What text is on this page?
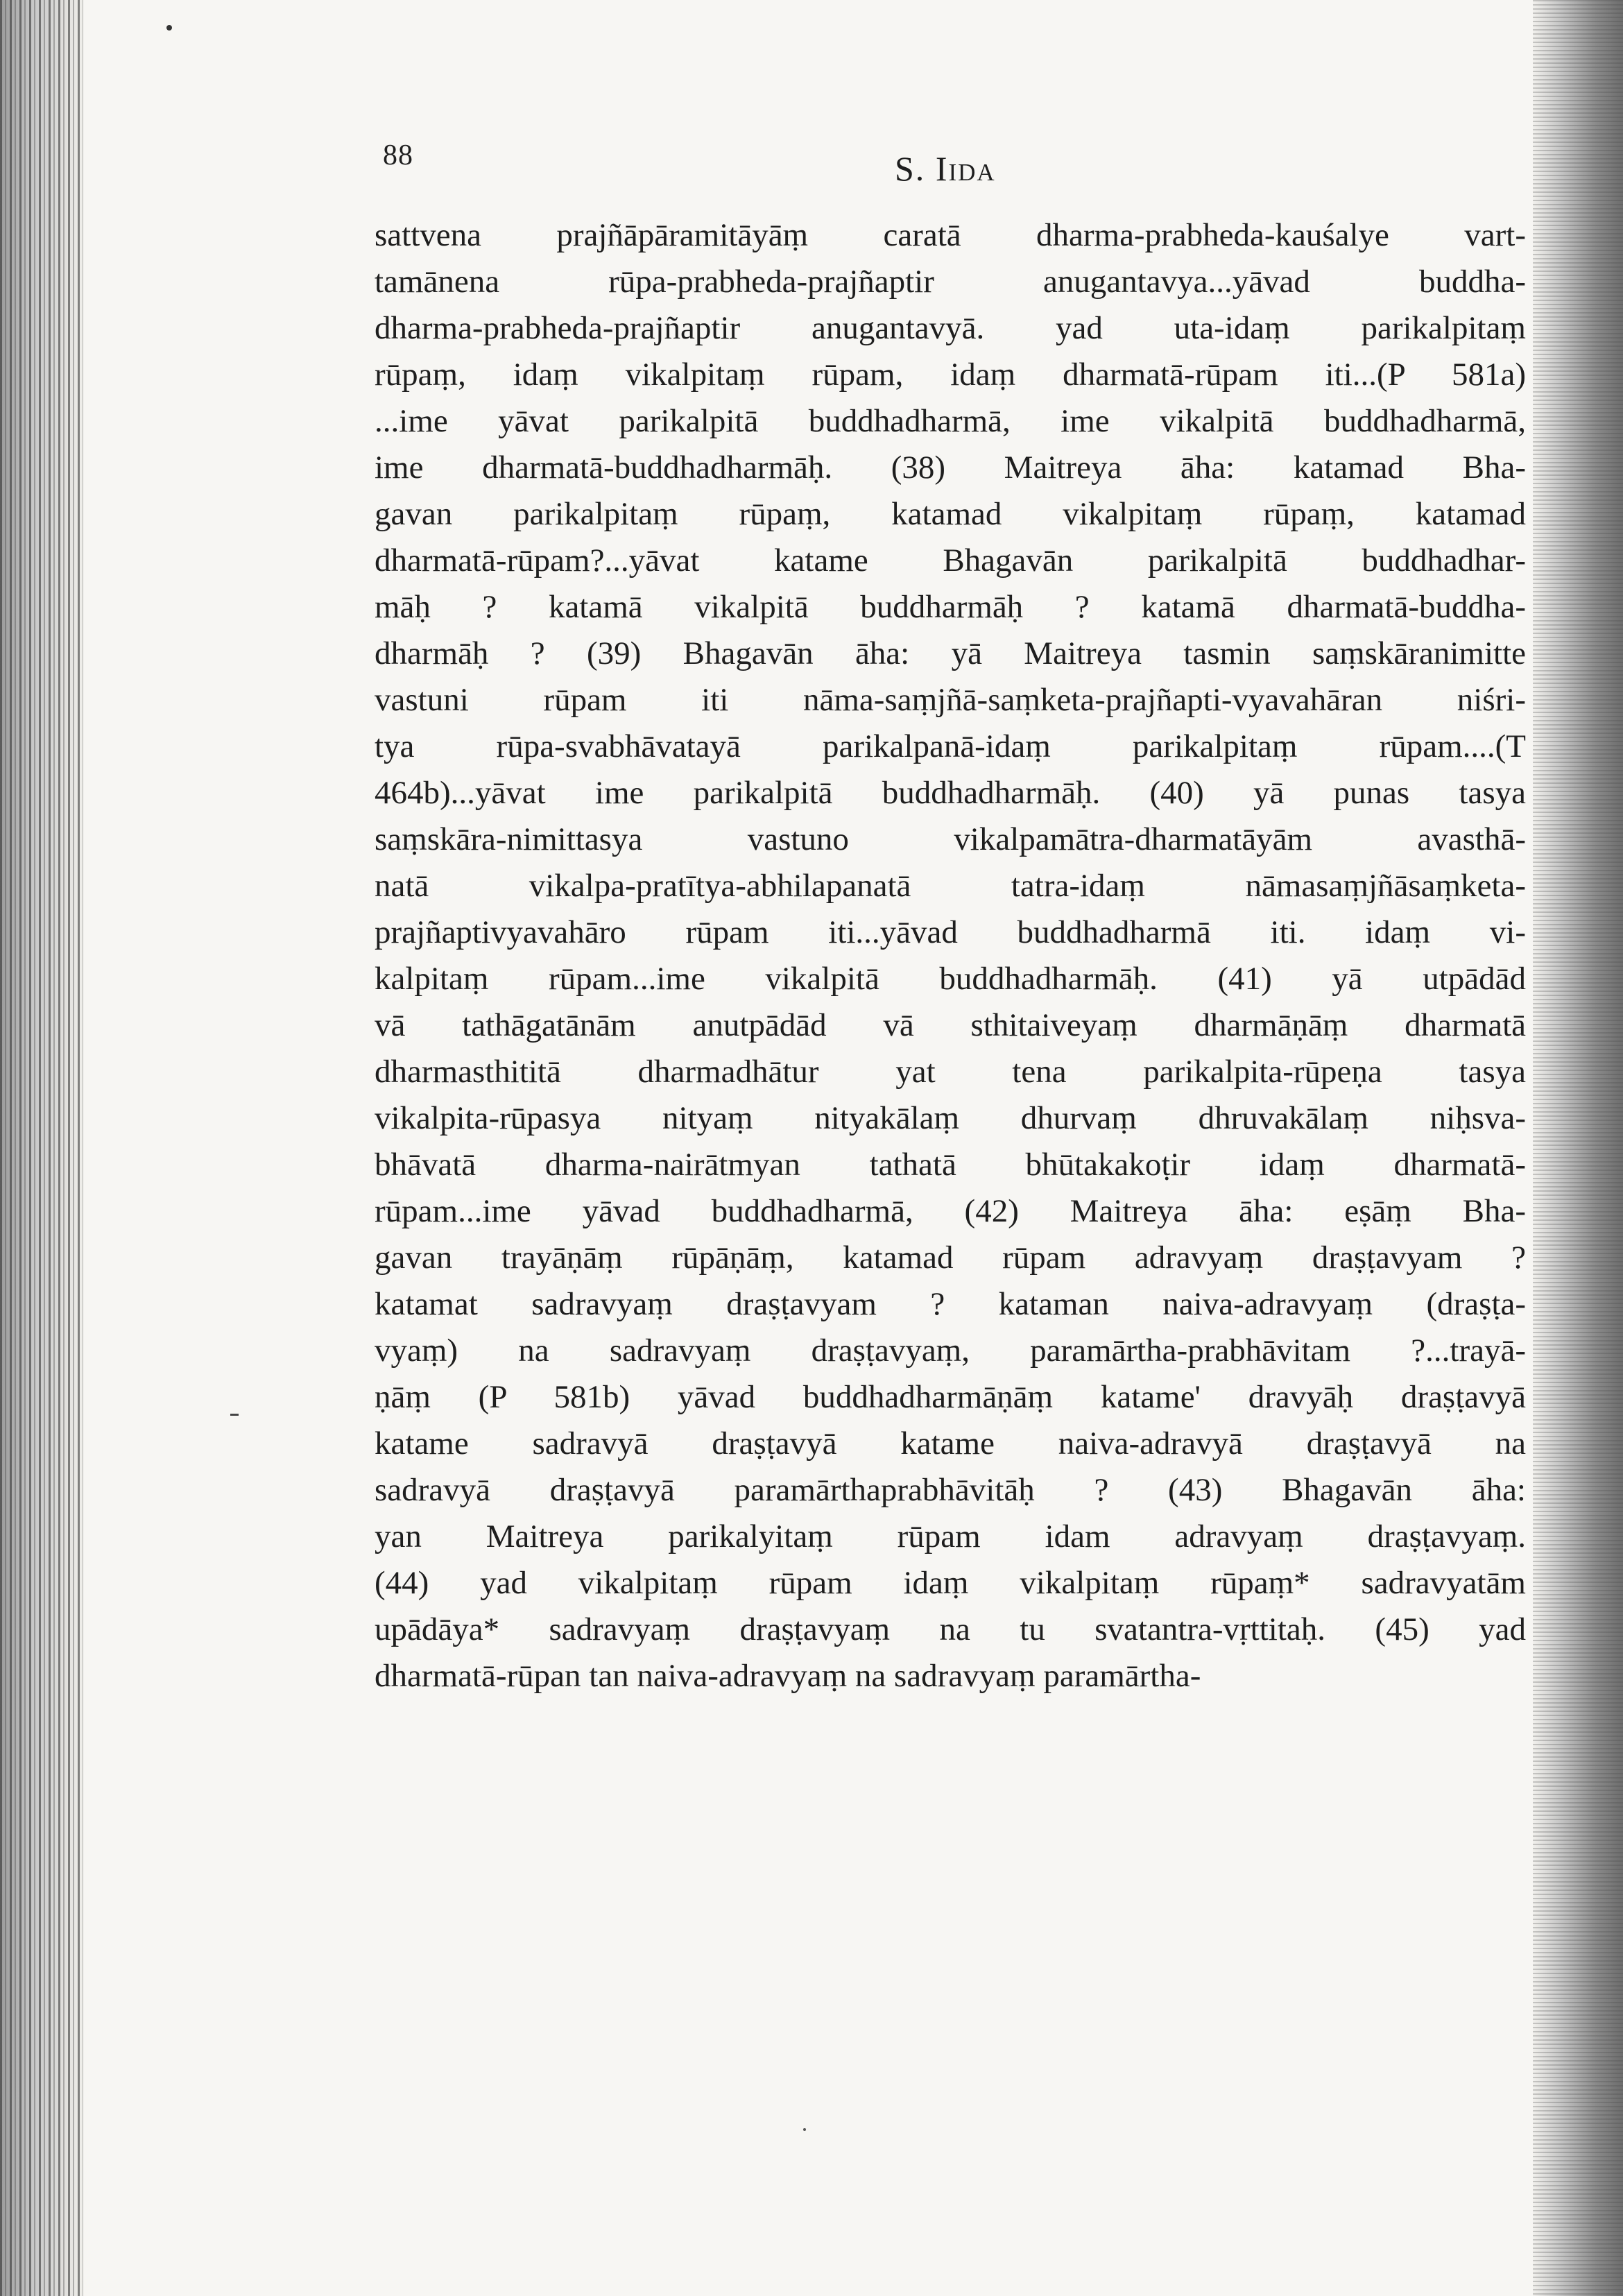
88	S. Iida
sattvena prajñāpāramitāyāṃ caratā dharma-prabheda-kauśalye vart-
tamānena rūpa-prabheda-prajñaptir anugantavya...yāvad buddha-
dharma-prabheda-prajñaptir anugantavyā. yad uta-idaṃ parikalpitaṃ
rūpaṃ, idaṃ vikalpitaṃ rūpam, idaṃ dharmatā-rūpam iti...(P 581a)
...ime yāvat parikalpitā buddhadharmā, ime vikalpitā buddhadharmā,
ime dharmatā-buddhadharmāḥ. (38) Maitreya āha: katamad Bha-
gavan parikalpitaṃ rūpaṃ, katamad vikalpitaṃ rūpaṃ, katamad
dharmatā-rūpam?...yāvat katame Bhagavān parikalpitā buddhadhar-
māḥ ? katamā vikalpitā buddharmāḥ ? katamā dharmatā-buddha-
dharmāḥ ? (39) Bhagavān āha: yā Maitreya tasmin saṃskāranimitte
vastuni rūpam iti nāma-saṃjñā-saṃketa-prajñapti-vyavahāran niśri-
tya rūpa-svabhāvatayā parikalpanā-idaṃ parikalpitaṃ rūpam....(T
464b)...yāvat ime parikalpitā buddhadharmāḥ. (40) yā punas tasya
saṃskāra-nimittasya vastuno vikalpamātra-dharmatāyām avasthā-
natā vikalpa-pratītya-abhilapanatā tatra-idaṃ nāmasaṃjñāsaṃketa-
prajñaptivyavahāro rūpam iti...yāvad buddhadharmā iti. idaṃ vi-
kalpitaṃ rūpam...ime vikalpitā buddhadharmāḥ. (41) yā utpādād
vā tathāgatānām anutpādād vā sthitaiveyaṃ dharmāṇāṃ dharmatā
dharmasthititā dharmadhātur yat tena parikalpita-rūpeṇa tasya
vikalpita-rūpasya nityaṃ nityakālaṃ dhurvaṃ dhruvakālaṃ niḥsva-
bhāvatā dharma-nairātmyan tathatā bhūtakakoṭir idaṃ dharmatā-
rūpam...ime yāvad buddhadharmā, (42) Maitreya āha: eṣāṃ Bha-
gavan trayāṇāṃ rūpāṇāṃ, katamad rūpam adravyaṃ draṣṭavyam ?
katamat sadravyaṃ draṣṭavyam ? kataman naiva-adravyaṃ (draṣṭa-
vyaṃ) na sadravyaṃ draṣṭavyaṃ, paramārtha-prabhāvitam ?...trayā-
ṇāṃ (P 581b) yāvad buddhadharmāṇāṃ katame' dravyāḥ draṣṭavyā
katame sadravyā draṣṭavyā katame naiva-adravyā draṣṭavyā na
sadravyā draṣṭavyā paramārthaprabhāvitāḥ ? (43) Bhagavān āha:
yan Maitreya parikalyitaṃ rūpam idam adravyaṃ draṣṭavyaṃ.
(44) yad vikalpitaṃ rūpam idaṃ vikalpitaṃ rūpaṃ* sadravyatām
upādāya* sadravyaṃ draṣṭavyaṃ na tu svatantra-vṛttitaḥ. (45) yad
dharmatā-rūpan tan naiva-adravyaṃ na sadravyaṃ paramārtha-
